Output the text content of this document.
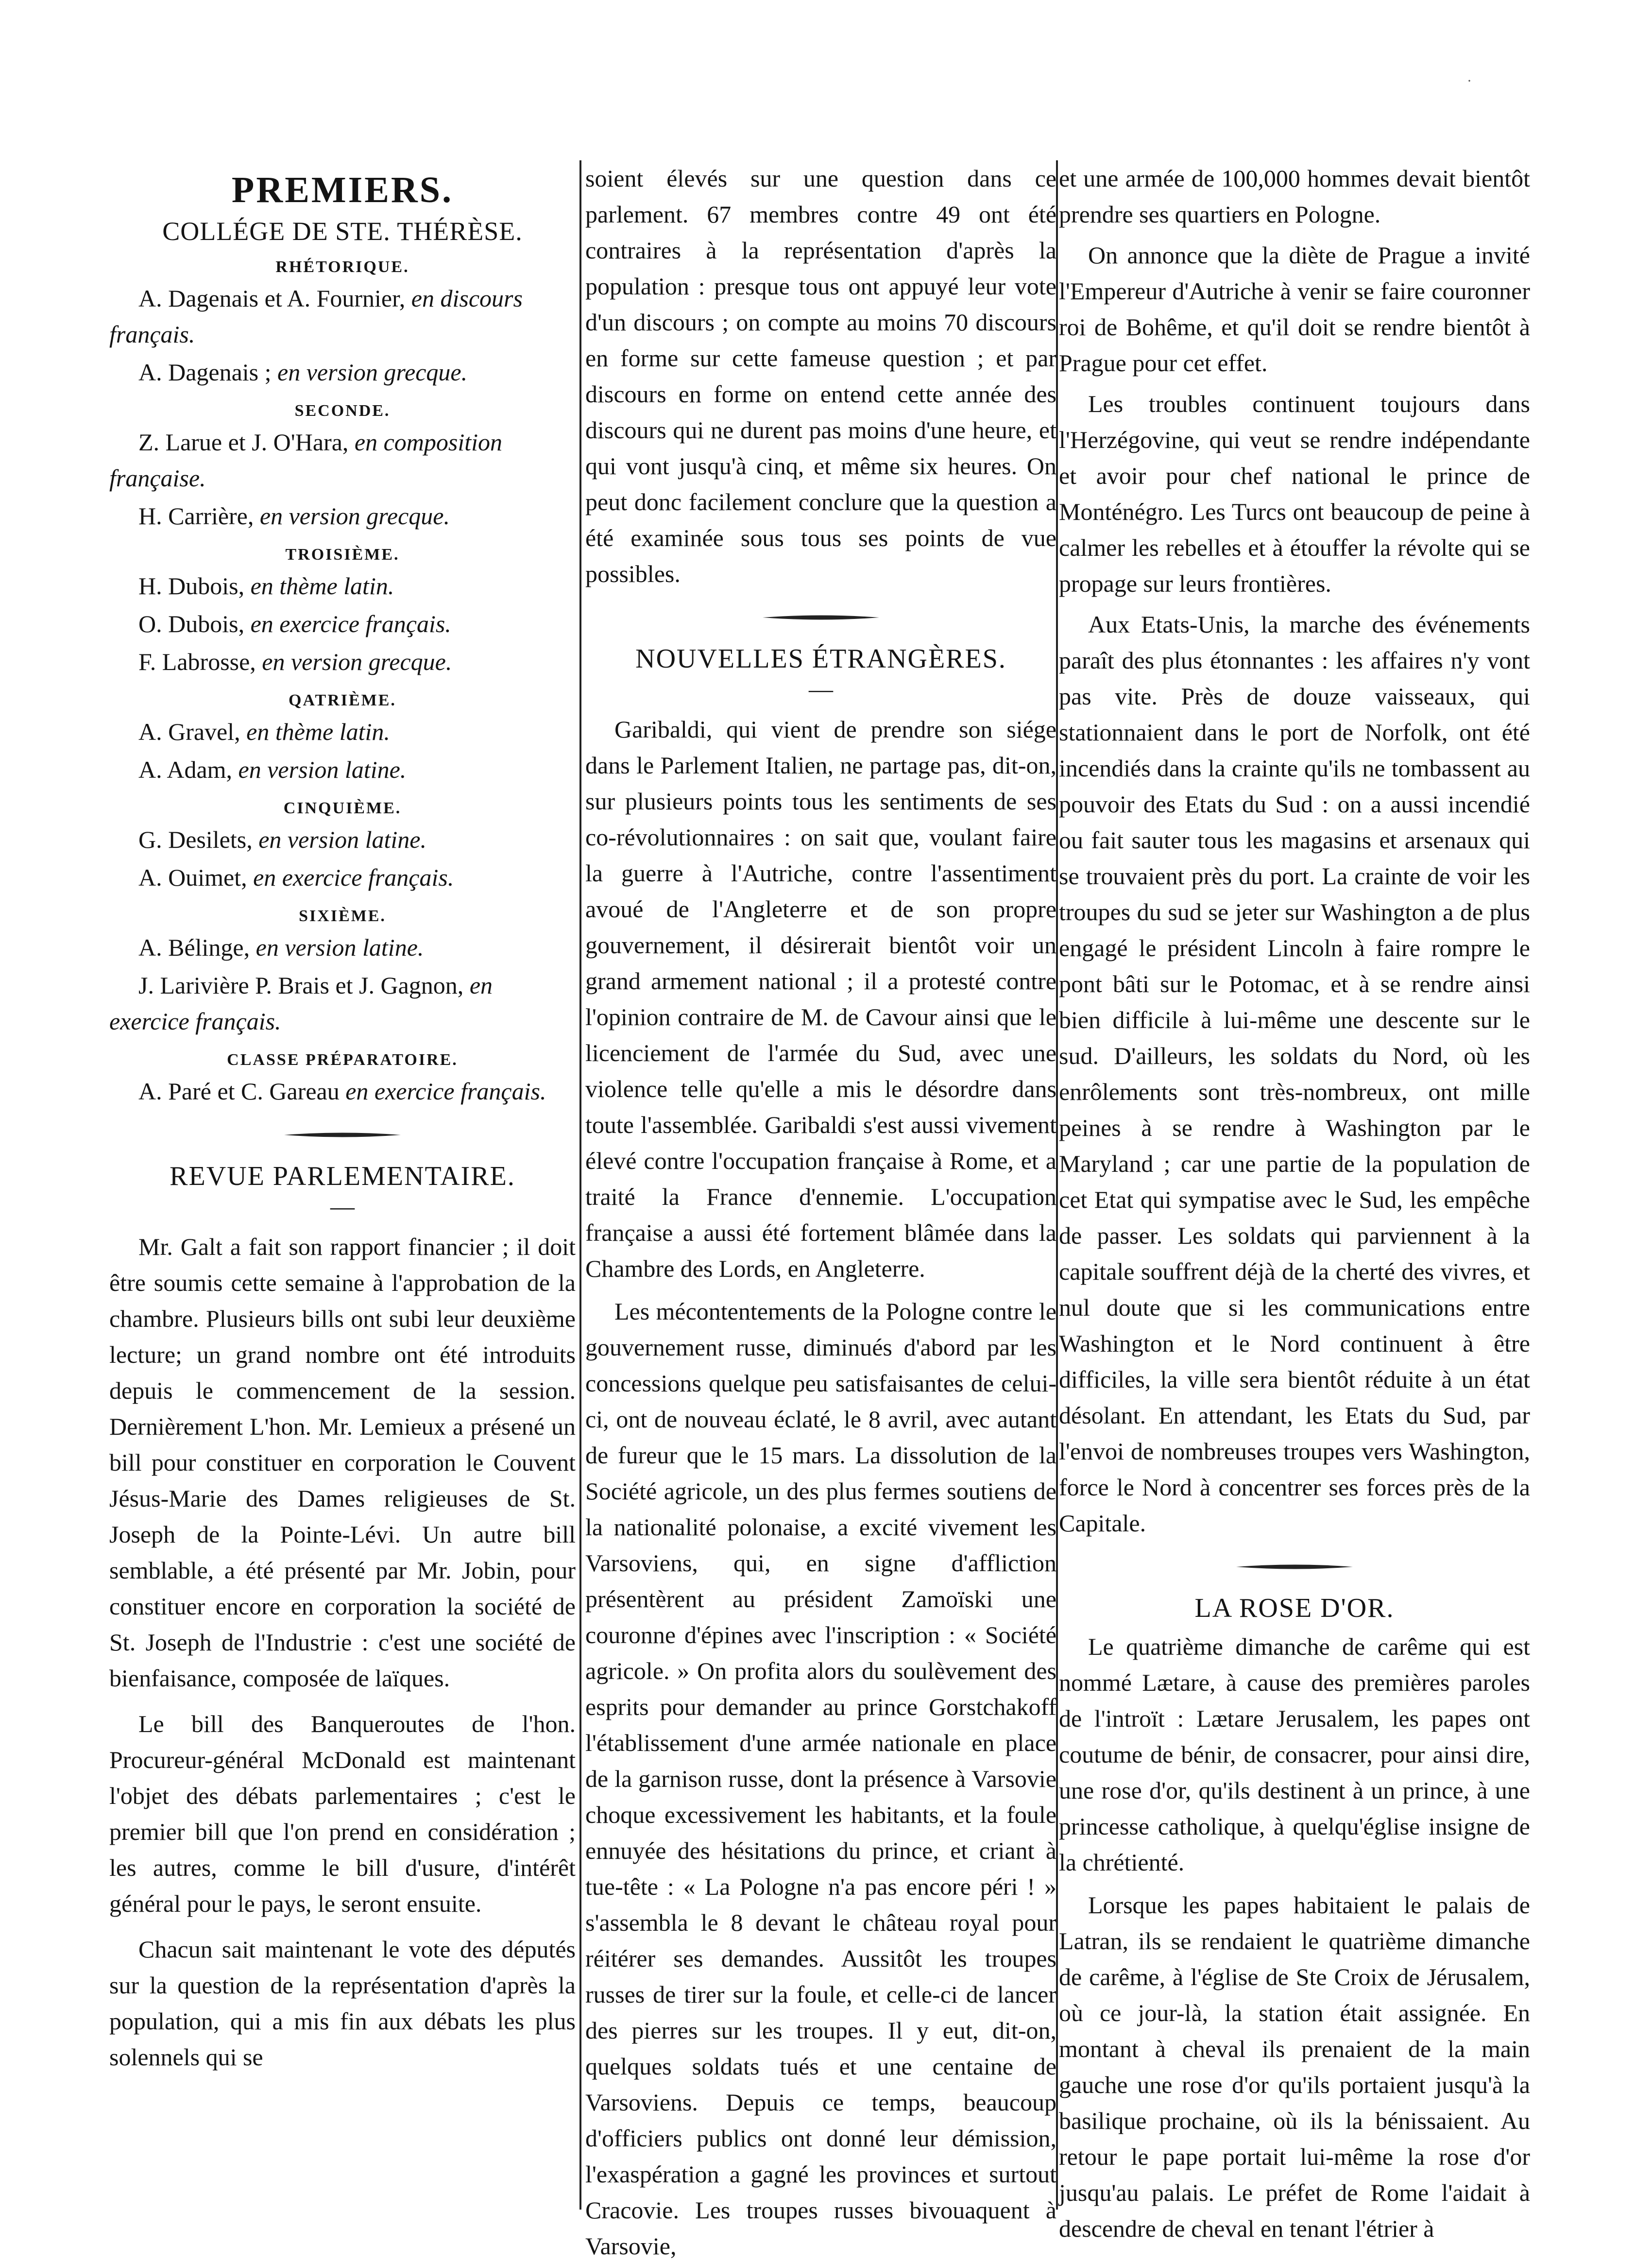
·
PREMIERS.
COLLÉGE DE STE. THÉRÈSE.
RHÉTORIQUE.
A. Dagenais et A. Fournier, en discours français.
A. Dagenais ; en version grecque.
SECONDE.
Z. Larue et J. O'Hara, en composition française.
H. Carrière, en version grecque.
TROISIÈME.
H. Dubois, en thème latin.
O. Dubois, en exercice français.
F. Labrosse, en version grecque.
QATRIÈME.
A. Gravel, en thème latin.
A. Adam, en version latine.
CINQUIÈME.
G. Desilets, en version latine.
A. Ouimet, en exercice français.
SIXIÈME.
A. Bélinge, en version latine.
J. Larivière P. Brais et J. Gagnon, en exercice français.
CLASSE PRÉPARATOIRE.
A. Paré et C. Gareau en exercice français.
REVUE PARLEMENTAIRE.
—

Mr. Galt a fait son rapport financier ; il doit être soumis cette semaine à l'approbation de la chambre. Plusieurs bills ont subi leur deuxième lecture; un grand nombre ont été introduits depuis le commencement de la session. Dernièrement L'hon. Mr. Lemieux a présené un bill pour constituer en corporation le Couvent Jésus-Marie des Dames religieuses de St. Joseph de la Pointe-Lévi. Un autre bill semblable, a été présenté par Mr. Jobin, pour constituer encore en corporation la société de St. Joseph de l'Industrie : c'est une société de bienfaisance, composée de laïques.

Le bill des Banqueroutes de l'hon. Procureur-général McDonald est maintenant l'objet des débats parlementaires ; c'est le premier bill que l'on prend en considération ; les autres, comme le bill d'usure, d'intérêt général pour le pays, le seront ensuite.

Chacun sait maintenant le vote des députés sur la question de la représentation d'après la population, qui a mis fin aux débats les plus solennels qui se

soient élevés sur une question dans ce parlement. 67 membres contre 49 ont été contraires à la représentation d'après la population : presque tous ont appuyé leur vote d'un discours ; on compte au moins 70 discours en forme sur cette fameuse question ; et par discours en forme on entend cette année des discours qui ne durent pas moins d'une heure, et qui vont jusqu'à cinq, et même six heures. On peut donc facilement conclure que la question a été examinée sous tous ses points de vue possibles.

NOUVELLES ÉTRANGÈRES.
—

Garibaldi, qui vient de prendre son siége dans le Parlement Italien, ne partage pas, dit-on, sur plusieurs points tous les sentiments de ses co-révolutionnaires : on sait que, voulant faire la guerre à l'Autriche, contre l'assentiment avoué de l'Angleterre et de son propre gouvernement, il désirerait bientôt voir un grand armement national ; il a protesté contre l'opinion contraire de M. de Cavour ainsi que le licenciement de l'armée du Sud, avec une violence telle qu'elle a mis le désordre dans toute l'assemblée. Garibaldi s'est aussi vivement élevé contre l'occupation française à Rome, et a traité la France d'ennemie. L'occupation française a aussi été fortement blâmée dans la Chambre des Lords, en Angleterre.

Les mécontentements de la Pologne contre le gouvernement russe, diminués d'abord par les concessions quelque peu satisfaisantes de celui-ci, ont de nouveau éclaté, le 8 avril, avec autant de fureur que le 15 mars. La dissolution de la Société agricole, un des plus fermes soutiens de la nationalité polonaise, a excité vivement les Varsoviens, qui, en signe d'affliction présentèrent au président Zamoïski une couronne d'épines avec l'inscription : « Société agricole. » On profita alors du soulèvement des esprits pour demander au prince Gorstchakoff l'établissement d'une armée nationale en place de la garnison russe, dont la présence à Varsovie choque excessivement les habitants, et la foule ennuyée des hésitations du prince, et criant à tue-tête : « La Pologne n'a pas encore péri ! » s'assembla le 8 devant le château royal pour réitérer ses demandes. Aussitôt les troupes russes de tirer sur la foule, et celle-ci de lancer des pierres sur les troupes. Il y eut, dit-on, quelques soldats tués et une centaine de Varsoviens. Depuis ce temps, beaucoup d'officiers publics ont donné leur démission, l'exaspération a gagné les provinces et surtout Cracovie. Les troupes russes bivouaquent à Varsovie,

et une armée de 100,000 hommes devait bientôt prendre ses quartiers en Pologne.

On annonce que la diète de Prague a invité l'Empereur d'Autriche à venir se faire couronner roi de Bohême, et qu'il doit se rendre bientôt à Prague pour cet effet.

Les troubles continuent toujours dans l'Herzégovine, qui veut se rendre indépendante et avoir pour chef national le prince de Monténégro. Les Turcs ont beaucoup de peine à calmer les rebelles et à étouffer la révolte qui se propage sur leurs frontières.

Aux Etats-Unis, la marche des événements paraît des plus étonnantes : les affaires n'y vont pas vite. Près de douze vaisseaux, qui stationnaient dans le port de Norfolk, ont été incendiés dans la crainte qu'ils ne tombassent au pouvoir des Etats du Sud : on a aussi incendié ou fait sauter tous les magasins et arsenaux qui se trouvaient près du port. La crainte de voir les troupes du sud se jeter sur Washington a de plus engagé le président Lincoln à faire rompre le pont bâti sur le Potomac, et à se rendre ainsi bien difficile à lui-même une descente sur le sud. D'ailleurs, les soldats du Nord, où les enrôlements sont très-nombreux, ont mille peines à se rendre à Washington par le Maryland ; car une partie de la population de cet Etat qui sympatise avec le Sud, les empêche de passer. Les soldats qui parviennent à la capitale souffrent déjà de la cherté des vivres, et nul doute que si les communications entre Washington et le Nord continuent à être difficiles, la ville sera bientôt réduite à un état désolant. En attendant, les Etats du Sud, par l'envoi de nombreuses troupes vers Washington, force le Nord à concentrer ses forces près de la Capitale.

LA ROSE D'OR.

Le quatrième dimanche de carême qui est nommé Lætare, à cause des premières paroles de l'introït : Lætare Jerusalem, les papes ont coutume de bénir, de consacrer, pour ainsi dire, une rose d'or, qu'ils destinent à un prince, à une princesse catholique, à quelqu'église insigne de la chrétienté.

Lorsque les papes habitaient le palais de Latran, ils se rendaient le quatrième dimanche de carême, à l'église de Ste Croix de Jérusalem, où ce jour-là, la station était assignée. En montant à cheval ils prenaient de la main gauche une rose d'or qu'ils portaient jusqu'à la basilique prochaine, où ils la bénissaient. Au retour le pape portait lui-même la rose d'or jusqu'au palais. Le préfet de Rome l'aidait à descendre de cheval en tenant l'étrier à
